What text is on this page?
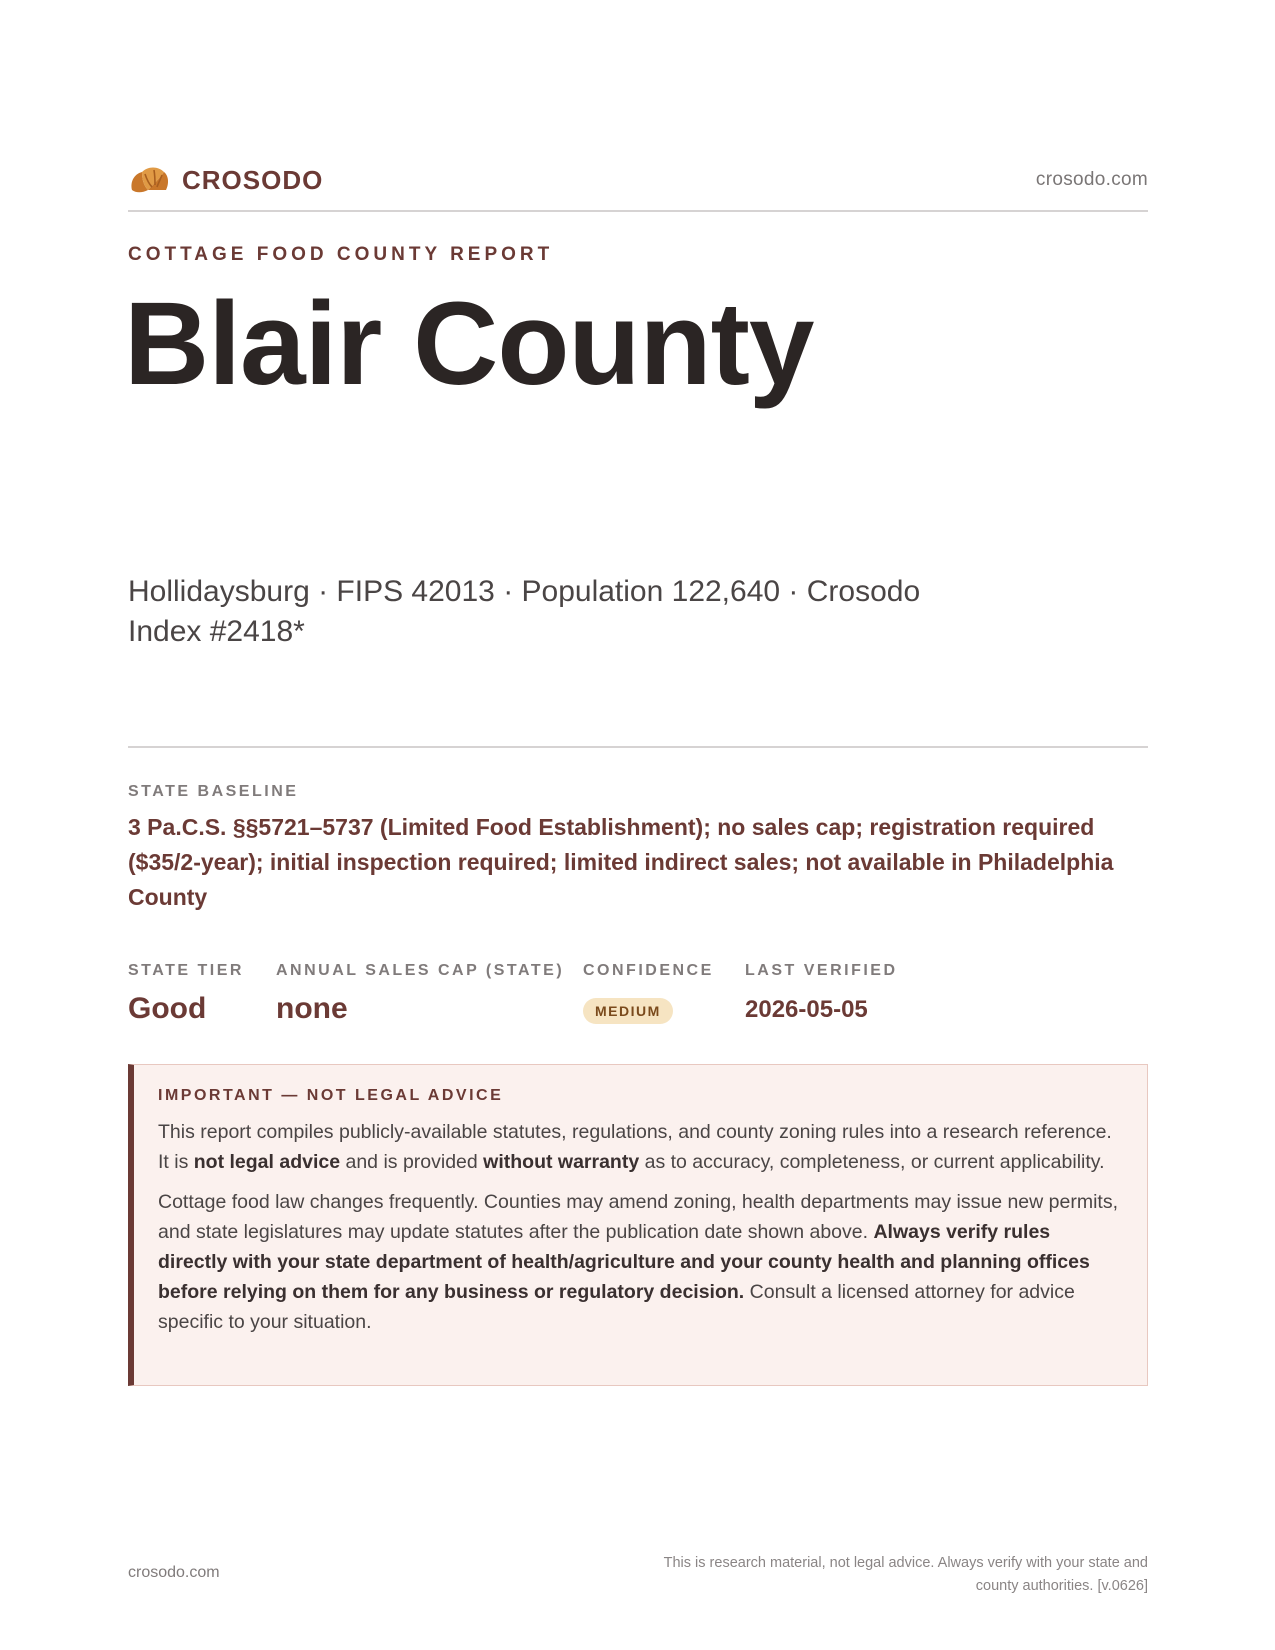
CROSODO	crosodo.com
COTTAGE FOOD COUNTY REPORT
Blair County
Hollidaysburg · FIPS 42013 · Population 122,640 · Crosodo Index #2418*
STATE BASELINE
3 Pa.C.S. §§5721–5737 (Limited Food Establishment); no sales cap; registration required ($35/2-year); initial inspection required; limited indirect sales; not available in Philadelphia County
STATE TIER
Good
ANNUAL SALES CAP (STATE)
none
CONFIDENCE
MEDIUM
LAST VERIFIED
2026-05-05
IMPORTANT — NOT LEGAL ADVICE

This report compiles publicly-available statutes, regulations, and county zoning rules into a research reference. It is not legal advice and is provided without warranty as to accuracy, completeness, or current applicability.

Cottage food law changes frequently. Counties may amend zoning, health departments may issue new permits, and state legislatures may update statutes after the publication date shown above. Always verify rules directly with your state department of health/agriculture and your county health and planning offices before relying on them for any business or regulatory decision. Consult a licensed attorney for advice specific to your situation.

crosodo.com
This is research material, not legal advice. Always verify with your state and county authorities. [v.0626]
